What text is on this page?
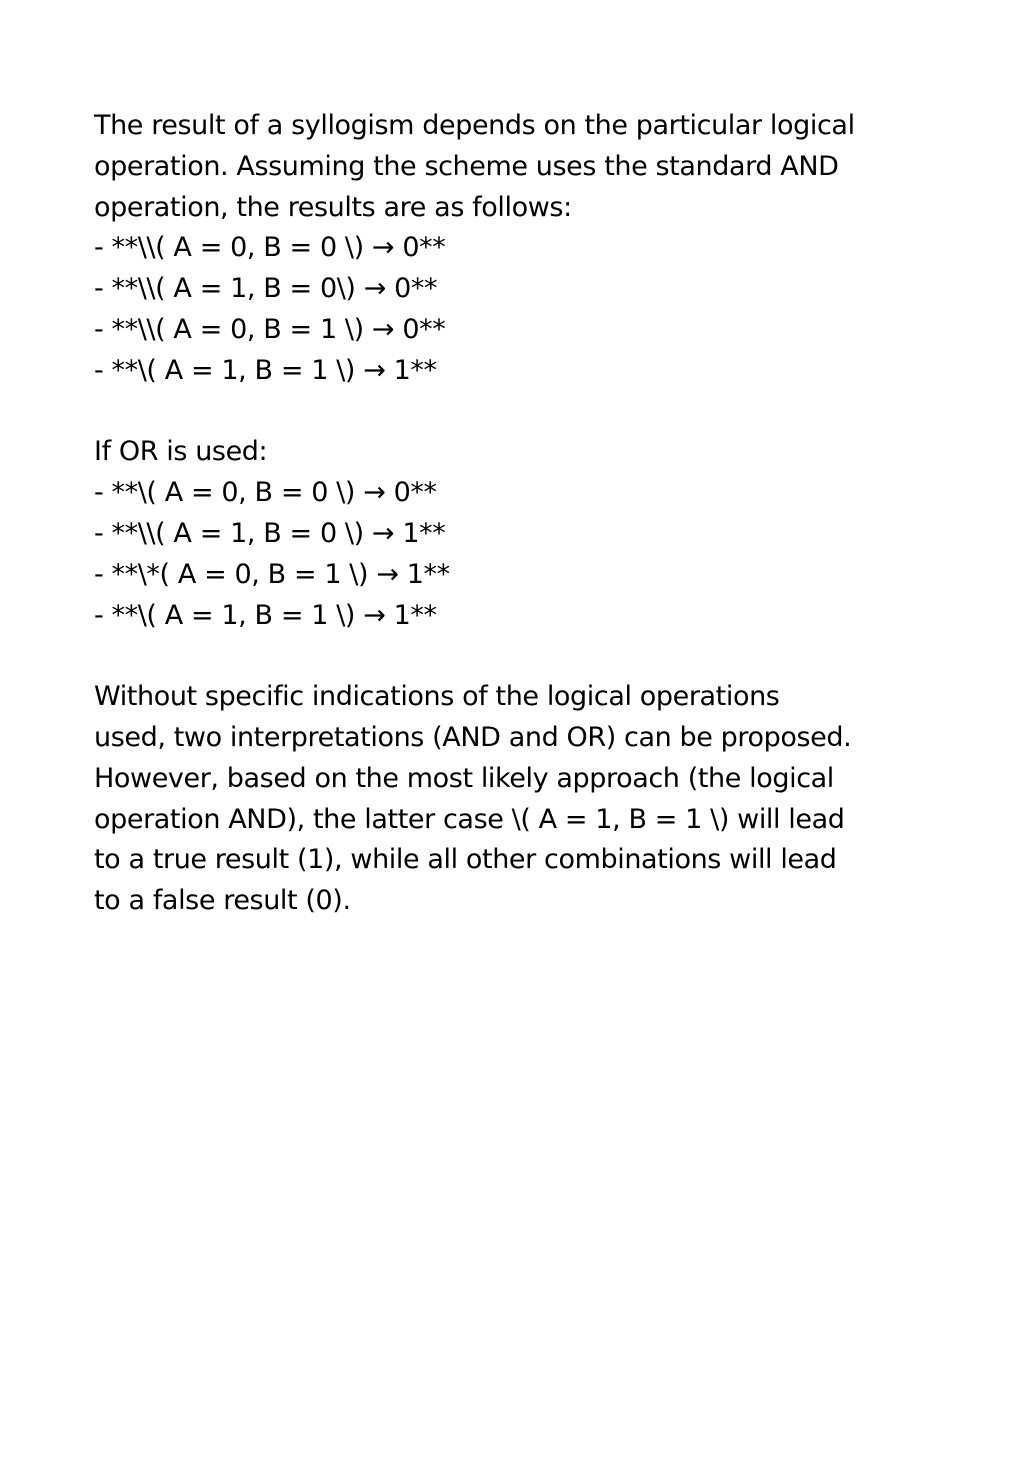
The result of a syllogism depends on the particular logical
operation. Assuming the scheme uses the standard AND
operation, the results are as follows:
- **\\( A = 0, B = 0 \) → 0**
- **\\( A = 1, B = 0\) → 0**
- **\\( A = 0, B = 1 \) → 0**
- **\( A = 1, B = 1 \) → 1**
If OR is used:
- **\( A = 0, B = 0 \) → 0**
- **\\( A = 1, B = 0 \) → 1**
- **\*( A = 0, B = 1 \) → 1**
- **\( A = 1, B = 1 \) → 1**
Without specific indications of the logical operations
used, two interpretations (AND and OR) can be proposed.
However, based on the most likely approach (the logical
operation AND), the latter case \( A = 1, B = 1 \) will lead
to a true result (1), while all other combinations will lead
to a false result (0).
